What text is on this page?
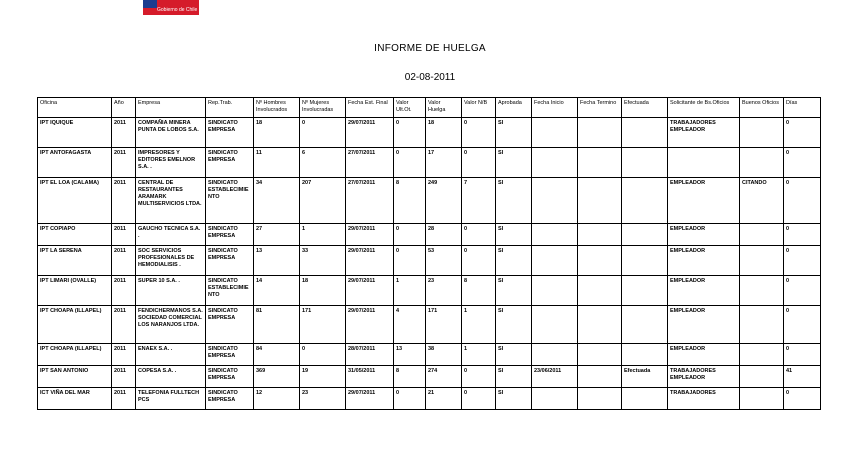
Gobierno de Chile
INFORME DE HUELGA
02-08-2011
Oficina	Año	Empresa	Rep.Trab.	Nº Hombres Involucrados	Nº Mujeres Involucradas	Fecha Est. Final	Valor Ult.Ot.	Valor Huelga	Valor N/B	Aprobada	Fecha Inicio	Fecha Termino	Efectuada	Solicitante de Bs.Oficios	Buenos Oficios	Días
IPT IQUIQUE	2011	COMPAÑIA MINERA PUNTA DE LOBOS S.A.	SINDICATO EMPRESA	18	0	29/07/2011	0	18	0	SI				TRABAJADORES EMPLEADOR		0
IPT ANTOFAGASTA	2011	IMPRESORES Y EDITORES EMELNOR S.A. .	SINDICATO EMPRESA	11	6	27/07/2011	0	17	0	SI						0
IPT EL LOA (CALAMA)	2011	CENTRAL DE RESTAURANTES ARAMARK MULTISERVICIOS LTDA.	SINDICATO ESTABLECIMIENTO	34	207	27/07/2011	8	249	7	SI				EMPLEADOR	CITANDO	0
IPT COPIAPO	2011	GAUCHO TECNICA S.A. .	SINDICATO EMPRESA	27	1	29/07/2011	0	28	0	SI				EMPLEADOR		0
IPT LA SERENA	2011	SOC SERVICIOS PROFESIONALES DE HEMODIALISIS .	SINDICATO EMPRESA	13	33	29/07/2011	0	53	0	SI				EMPLEADOR		0
IPT LIMARI (OVALLE)	2011	SUPER 10 S.A. .	SINDICATO ESTABLECIMIENTO	14	18	29/07/2011	1	23	8	SI				EMPLEADOR		0
IPT CHOAPA (ILLAPEL)	2011	FENDICHERMANOS S.A. SOCIEDAD COMERCIAL LOS NARANJOS LTDA.	SINDICATO EMPRESA	81	171	29/07/2011	4	171	1	SI				EMPLEADOR		0
IPT CHOAPA (ILLAPEL)	2011	ENAEX S.A. .	SINDICATO EMPRESA	84	0	28/07/2011	13	38	1	SI				EMPLEADOR		0
IPT SAN ANTONIO	2011	COPESA S.A. .	SINDICATO EMPRESA	369	19	31/05/2011	8	274	0	SI	23/06/2011		Efectuada	TRABAJADORES EMPLEADOR		41
ICT VIÑA DEL MAR	2011	TELEFONIA FULLTECH PCS	SINDICATO EMPRESA	12	23	29/07/2011	0	21	0	SI				TRABAJADORES		0
